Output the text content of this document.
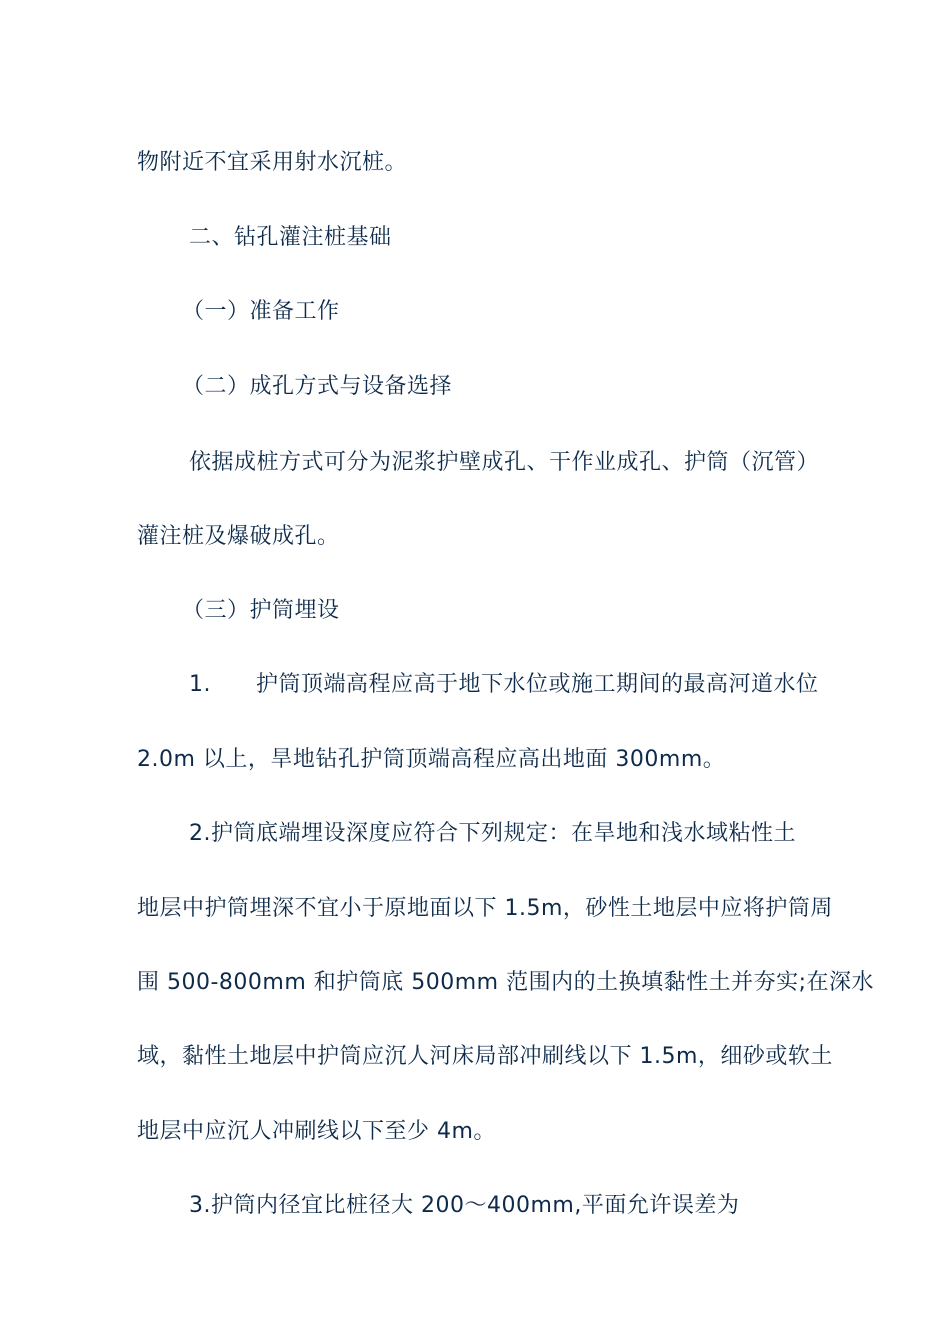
物附近不宜采用射水沉桩。
二、钻孔灌注桩基础
（一）准备工作
（二）成孔方式与设备选择
依据成桩方式可分为泥浆护壁成孔、干作业成孔、护筒（沉管）
灌注桩及爆破成孔。
（三）护筒埋设
1.  护筒顶端高程应高于地下水位或施工期间的最高河道水位
2.0m 以上，旱地钻孔护筒顶端高程应高出地面 300mm。
2.护筒底端埋设深度应符合下列规定：在旱地和浅水域粘性土
地层中护筒埋深不宜小于原地面以下 1.5m，砂性土地层中应将护筒周
围 500-800mm 和护筒底 500mm 范围内的土换填黏性土并夯实;在深水
域，黏性土地层中护筒应沉人河床局部冲刷线以下 1.5m，细砂或软土
地层中应沉人冲刷线以下至少 4m。
3.护筒内径宜比桩径大 200～400mm,平面允许误差为
